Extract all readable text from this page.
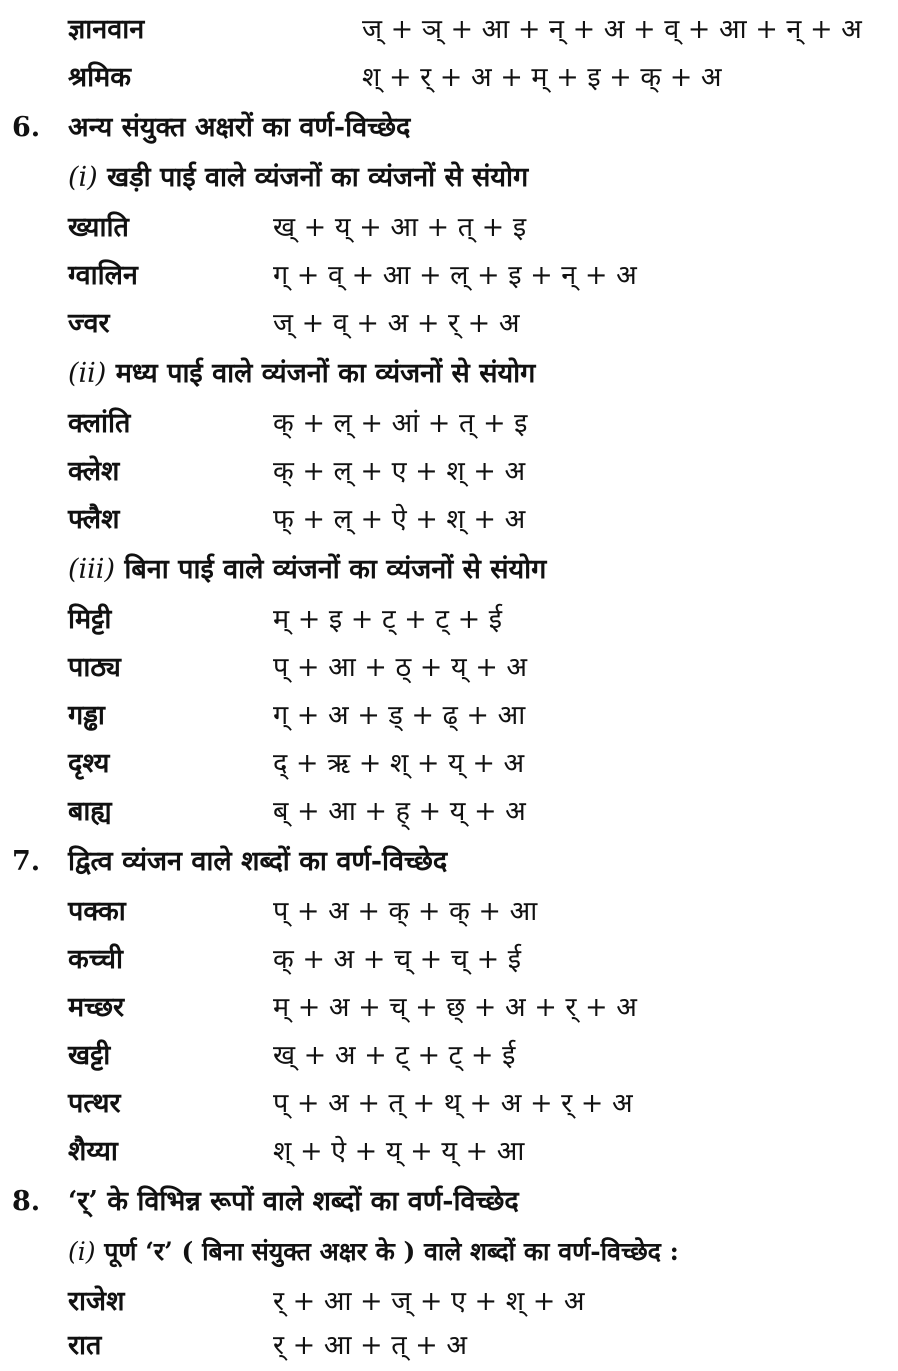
ज्ञानवान	ज् + ञ् + आ + न् + अ + व् + आ + न् + अ
श्रमिक	श् + र् + अ + म् + इ + क् + अ
6. अन्य संयुक्त अक्षरों का वर्ण-विच्छेद
(i) खड़ी पाई वाले व्यंजनों का व्यंजनों से संयोग
ख्याति	ख् + य् + आ + त् + इ
ग्वालिन	ग् + व् + आ + ल् + इ + न् + अ
ज्वर	ज् + व् + अ + र् + अ
(ii) मध्य पाई वाले व्यंजनों का व्यंजनों से संयोग
क्लांति	क् + ल् + आं + त् + इ
क्लेश	क् + ल् + ए + श् + अ
फ्लैश	फ् + ल् + ऐ + श् + अ
(iii) बिना पाई वाले व्यंजनों का व्यंजनों से संयोग
मिट्टी	म् + इ + ट् + ट् + ई
पाठ्य	प् + आ + ठ् + य् + अ
गड्ढा	ग् + अ + ड् + ढ् + आ
दृश्य	द् + ऋ + श् + य् + अ
बाह्य	ब् + आ + ह् + य् + अ
7. द्वित्व व्यंजन वाले शब्दों का वर्ण-विच्छेद
पक्का	प् + अ + क् + क् + आ
कच्ची	क् + अ + च् + च् + ई
मच्छर	म् + अ + च् + छ् + अ + र् + अ
खट्टी	ख् + अ + ट् + ट् + ई
पत्थर	प् + अ + त् + थ् + अ + र् + अ
शैय्या	श् + ऐ + य् + य् + आ
8. ‘र्’ के विभिन्न रूपों वाले शब्दों का वर्ण-विच्छेद
(i) पूर्ण ‘र’ ( बिना संयुक्त अक्षर के ) वाले शब्दों का वर्ण-विच्छेद :
राजेश	र् + आ + ज् + ए + श् + अ
रात	र् + आ + त् + अ
